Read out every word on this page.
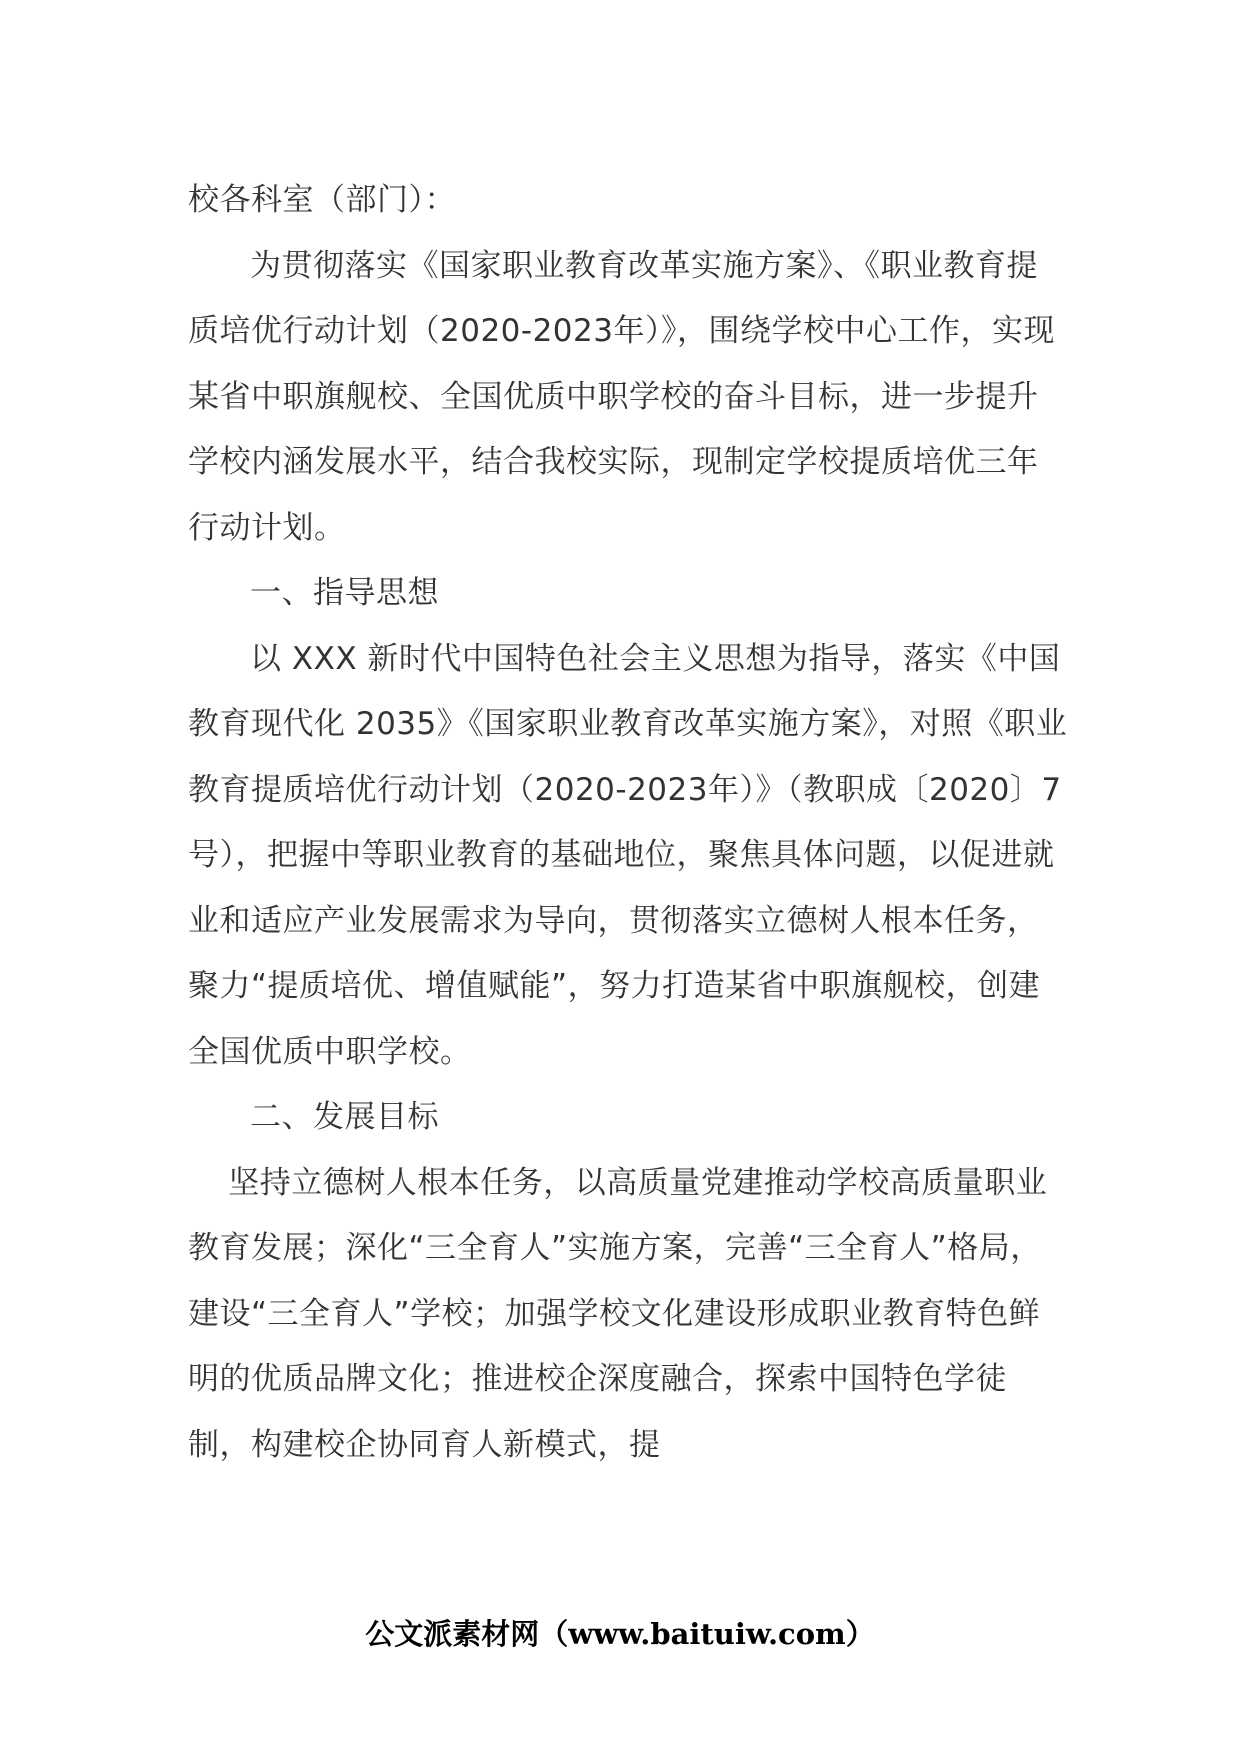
校各科室（部门）：

为贯彻落实《国家职业教育改革实施方案》、《职业教育提质培优行动计划（2020-2023年）》，围绕学校中心工作，实现某省中职旗舰校、全国优质中职学校的奋斗目标，进一步提升学校内涵发展水平，结合我校实际，现制定学校提质培优三年行动计划。

一、指导思想

以 XXX 新时代中国特色社会主义思想为指导，落实《中国教育现代化 2035》《国家职业教育改革实施方案》，对照《职业教育提质培优行动计划（2020-2023年）》（教职成〔2020〕7号），把握中等职业教育的基础地位，聚焦具体问题，以促进就业和适应产业发展需求为导向，贯彻落实立德树人根本任务，聚力“提质培优、增值赋能”，努力打造某省中职旗舰校，创建全国优质中职学校。

二、发展目标

坚持立德树人根本任务，以高质量党建推动学校高质量职业教育发展；深化“三全育人”实施方案，完善“三全育人”格局，建设“三全育人”学校；加强学校文化建设形成职业教育特色鲜明的优质品牌文化；推进校企深度融合，探索中国特色学徒制，构建校企协同育人新模式，提

公文派素材网（www.baituiw.com）
